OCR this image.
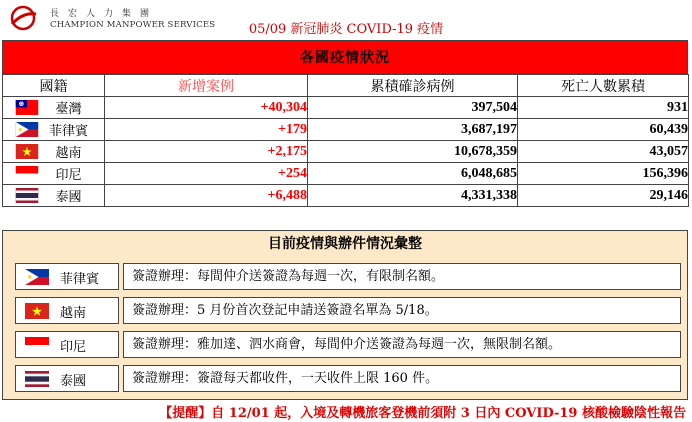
長宏人力集團
CHAMPION MANPOWER SERVICES	05/09 新冠肺炎 COVID-19 疫情
各國疫情狀況
國籍	新增案例	累積確診病例	死亡人數累積

臺灣	+40,304	397,504	931

菲律賓	+179	3,687,197	60,439

越南	+2,175	10,678,359	43,057

印尼	+254	6,048,685	156,396

泰國	+6,488	4,331,338	29,146
目前疫情與辦件情況彙整
菲律賓	簽證辦理：每間仲介送簽證為每週一次，有限制名額。
越南	簽證辦理：5 月份首次登記申請送簽證名單為 5/18。
印尼	簽證辦理：雅加達、泗水商會，每間仲介送簽證為每週一次，無限制名額。
泰國	簽證辦理：簽證每天都收件，一天收件上限 160 件。
【提醒】自 12/01 起，入境及轉機旅客登機前須附 3 日內 COVID-19 核酸檢驗陰性報告
